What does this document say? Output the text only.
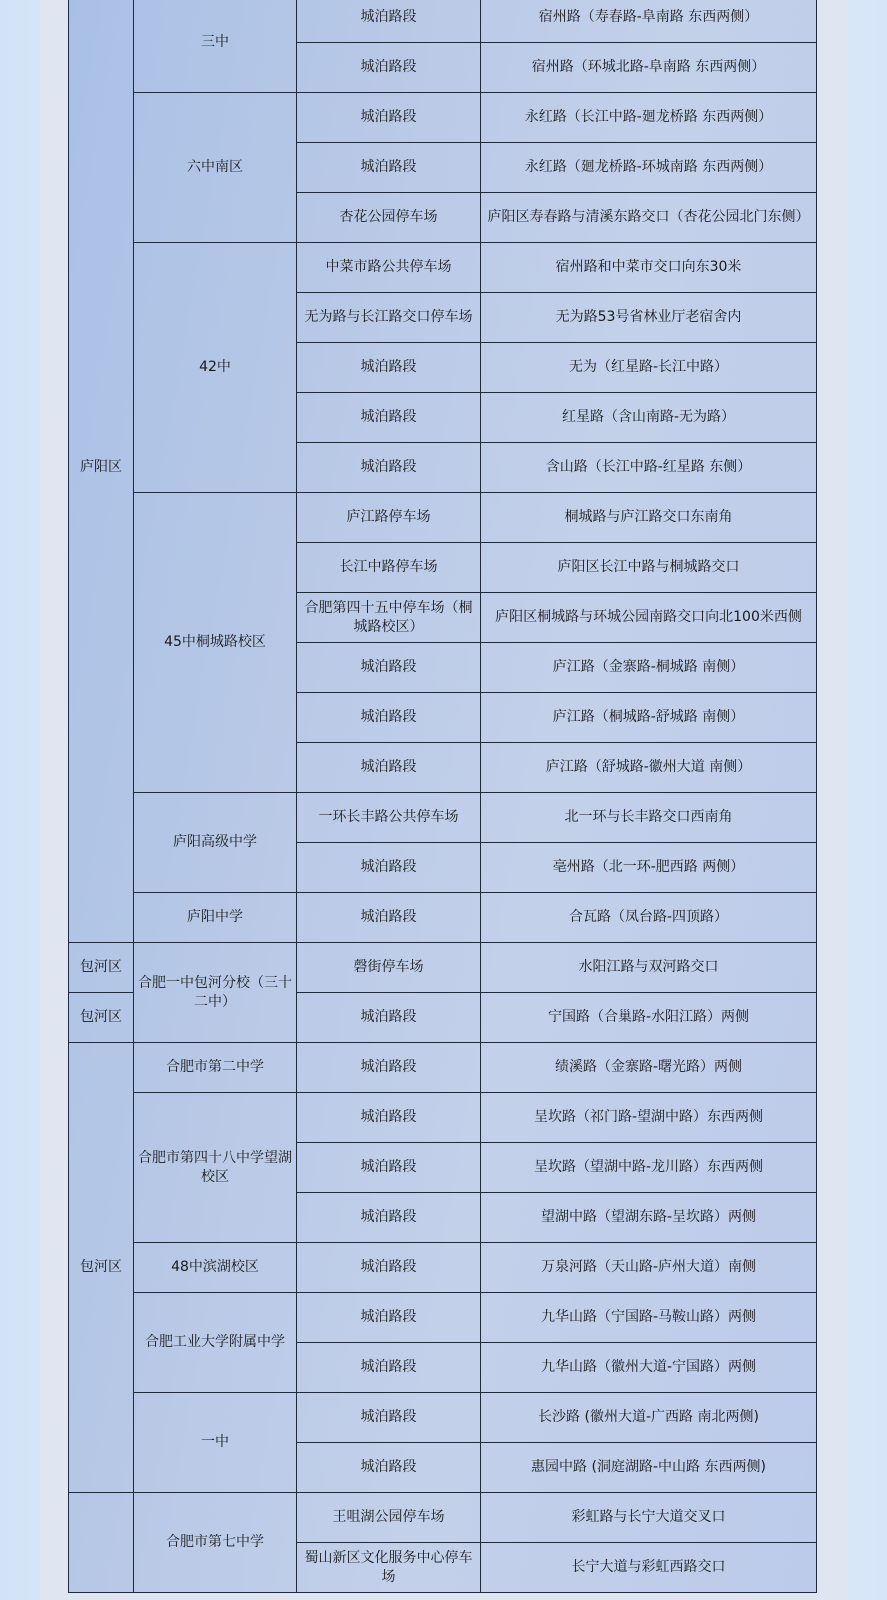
庐阳区	三中	城泊路段	宿州路（寿春路-阜南路 东西两侧）
		城泊路段	宿州路（环城北路-阜南路 东西两侧）
	六中南区	城泊路段	永红路（长江中路-廻龙桥路 东西两侧）
		城泊路段	永红路（廻龙桥路-环城南路 东西两侧）
		杏花公园停车场	庐阳区寿春路与清溪东路交口（杏花公园北门东侧）
	42中	中菜市路公共停车场	宿州路和中菜市交口向东30米
		无为路与长江路交口停车场	无为路53号省林业厅老宿舍内
		城泊路段	无为（红星路-长江中路）
		城泊路段	红星路（含山南路-无为路）
		城泊路段	含山路（长江中路-红星路 东侧）
	45中桐城路校区	庐江路停车场	桐城路与庐江路交口东南角
		长江中路停车场	庐阳区长江中路与桐城路交口
		合肥第四十五中停车场（桐城路校区）	庐阳区桐城路与环城公园南路交口向北100米西侧
		城泊路段	庐江路（金寨路-桐城路 南侧）
		城泊路段	庐江路（桐城路-舒城路 南侧）
		城泊路段	庐江路（舒城路-徽州大道 南侧）
	庐阳高级中学	一环长丰路公共停车场	北一环与长丰路交口西南角
		城泊路段	亳州路（北一环-肥西路 两侧）
	庐阳中学	城泊路段	合瓦路（凤台路-四顶路）
包河区	合肥一中包河分校（三十二中）	磬街停车场	水阳江路与双河路交口
包河区		城泊路段	宁国路（合巢路-水阳江路）两侧
包河区	合肥市第二中学	城泊路段	绩溪路（金寨路-曙光路）两侧
	合肥市第四十八中学望湖校区	城泊路段	呈坎路（祁门路-望湖中路）东西两侧
		城泊路段	呈坎路（望湖中路-龙川路）东西两侧
		城泊路段	望湖中路（望湖东路-呈坎路）两侧
	48中滨湖校区	城泊路段	万泉河路（天山路-庐州大道）南侧
	合肥工业大学附属中学	城泊路段	九华山路（宁国路-马鞍山路）两侧
		城泊路段	九华山路（徽州大道-宁国路）两侧
	一中	城泊路段	长沙路 (徽州大道-广西路 南北两侧)
		城泊路段	惠园中路 (洞庭湖路-中山路 东西两侧)
	合肥市第七中学	王咀湖公园停车场	彩虹路与长宁大道交叉口
		蜀山新区文化服务中心停车场	长宁大道与彩虹西路交口
